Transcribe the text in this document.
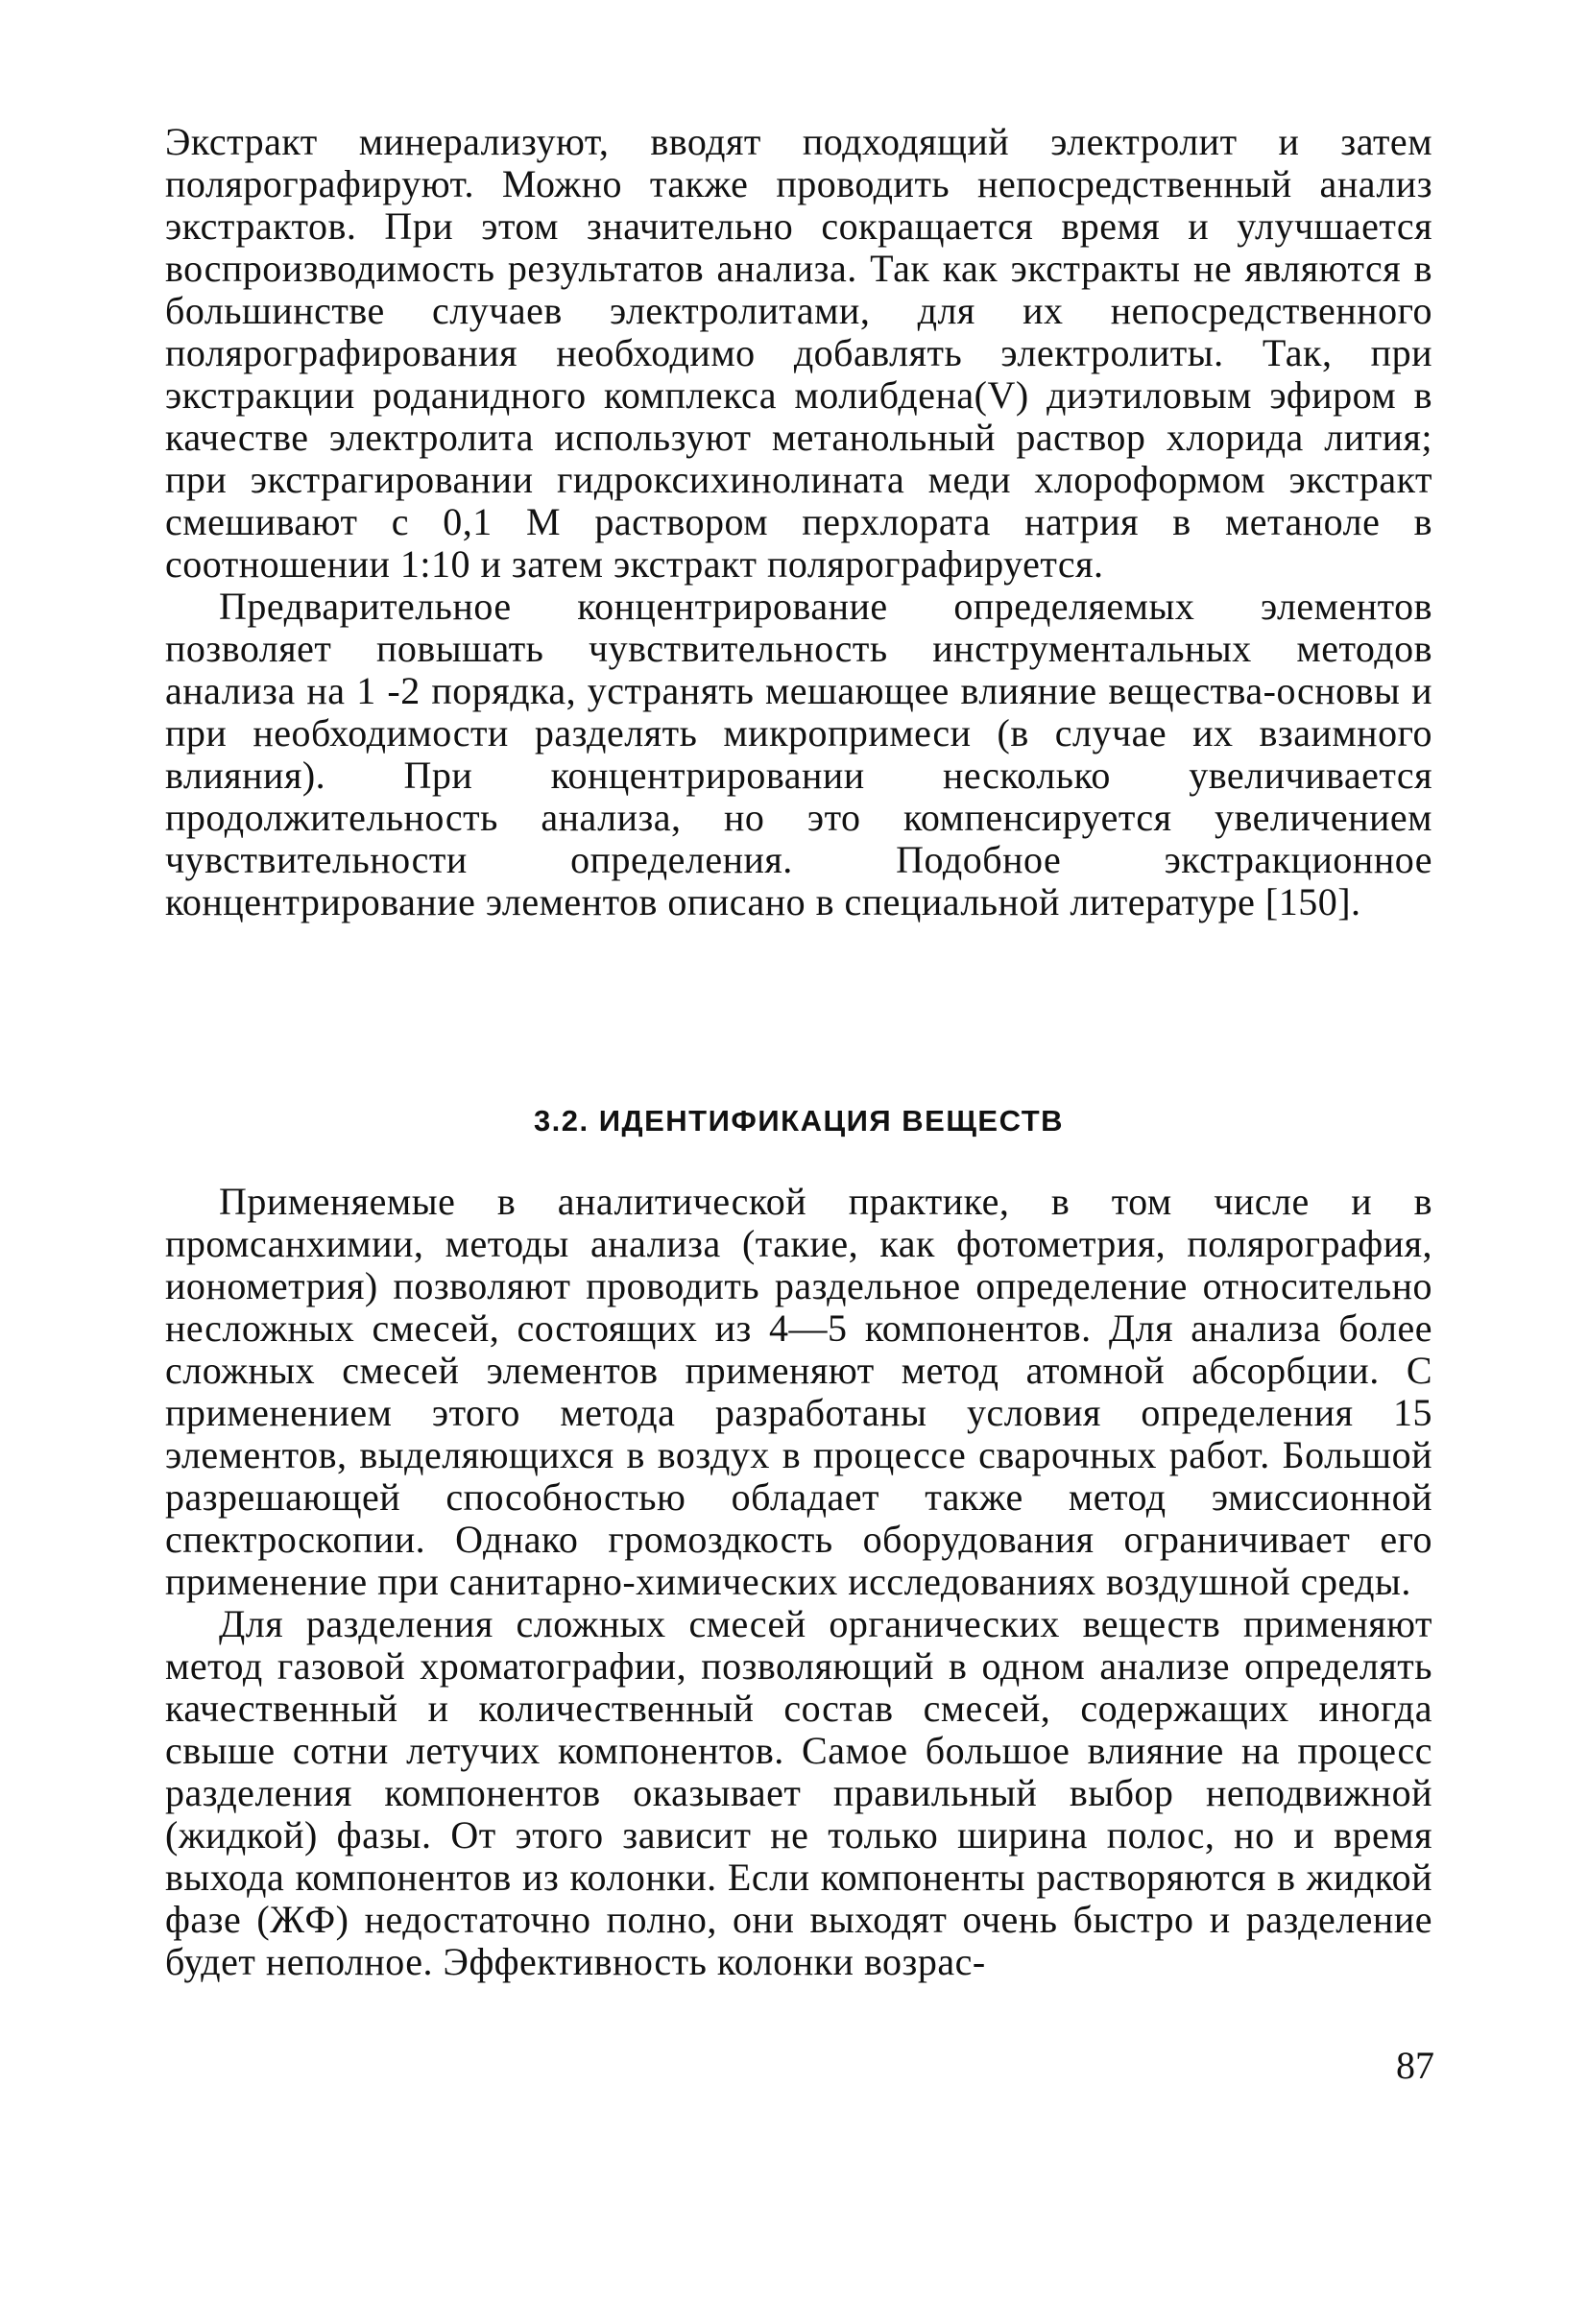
Экстракт минерализуют, вводят подходящий электролит и затем полярографируют. Можно также проводить непосредственный анализ экстрактов. При этом значительно сокращается время и улучшается воспроизводимость результатов анализа. Так как экстракты не являются в большинстве случаев электролитами, для их непосредственного полярографирования необходимо добавлять электролиты. Так, при экстракции роданидного комплекса молибдена(V) диэтиловым эфиром в качестве электролита используют метанольный раствор хлорида лития; при экстрагировании гидроксихинолината меди хлороформом экстракт смешивают с 0,1 М раствором перхлората натрия в метаноле в соотношении 1:10 и затем экстракт полярографируется.

Предварительное концентрирование определяемых элементов позволяет повышать чувствительность инструментальных методов анализа на 1 -2 порядка, устранять мешающее влияние вещества-основы и при необходимости разделять микропримеси (в случае их взаимного влияния). При концентрировании несколько увеличивается продолжительность анализа, но это компенсируется увеличением чувствительности определения. Подобное экстракционное концентрирование элементов описано в специальной литературе [150].

3.2. ИДЕНТИФИКАЦИЯ ВЕЩЕСТВ

Применяемые в аналитической практике, в том числе и в промсанхимии, методы анализа (такие, как фотометрия, полярография, ионометрия) позволяют проводить раздельное определение относительно несложных смесей, состоящих из 4—5 компонентов. Для анализа более сложных смесей элементов применяют метод атомной абсорбции. С применением этого метода разработаны условия определения 15 элементов, выделяющихся в воздух в процессе сварочных работ. Большой разрешающей способностью обладает также метод эмиссионной спектроскопии. Однако громоздкость оборудования ограничивает его применение при санитарно-химических исследованиях воздушной среды.

Для разделения сложных смесей органических веществ применяют метод газовой хроматографии, позволяющий в одном анализе определять качественный и количественный состав смесей, содержащих иногда свыше сотни летучих компонентов. Самое большое влияние на процесс разделения компонентов оказывает правильный выбор неподвижной (жидкой) фазы. От этого зависит не только ширина полос, но и время выхода компонентов из колонки. Если компоненты растворяются в жидкой фазе (ЖФ) недостаточно полно, они выходят очень быстро и разделение будет неполное. Эффективность колонки возрас-

87
